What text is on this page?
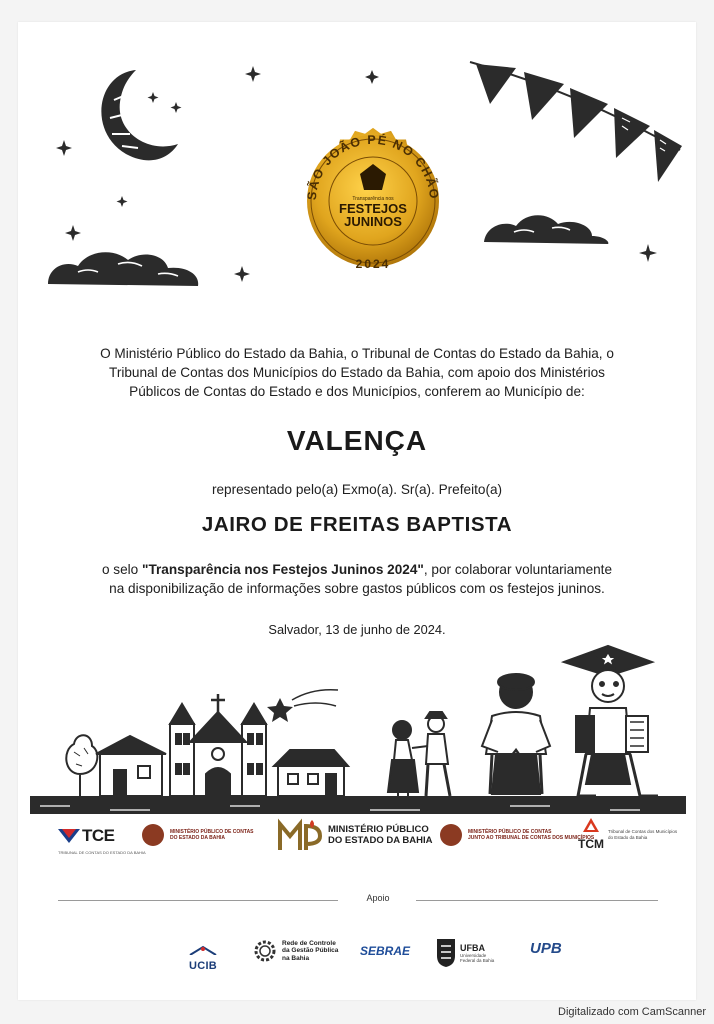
SÃO JOÃO PÉ NO CHÃO
2024
Transparência nos
FESTEJOS
JUNINOS
O Ministério Público do Estado da Bahia, o Tribunal de Contas do Estado da Bahia, o
Tribunal de Contas dos Municípios do Estado da Bahia, com apoio dos Ministérios
Públicos de Contas do Estado e dos Municípios, conferem ao Município de:
VALENÇA
representado pelo(a) Exmo(a). Sr(a). Prefeito(a)
JAIRO DE FREITAS BAPTISTA
o selo "Transparência nos Festejos Juninos 2024", por colaborar voluntariamente
na disponibilização de informações sobre gastos públicos com os festejos juninos.
Salvador, 13 de junho de 2024.
TCE
TRIBUNAL DE CONTAS DO ESTADO DA BAHIA
MINISTÉRIO PÚBLICO DE CONTAS
DO ESTADO DA BAHIA
MINISTÉRIO PÚBLICO
DO ESTADO DA BAHIA
MINISTÉRIO PÚBLICO DE CONTAS
JUNTO AO TRIBUNAL DE CONTAS DOS MUNICÍPIOS
TCM
Tribunal de Contas dos Municípios
do Estado da Bahia
Apoio
UCIB
Rede de Controle
da Gestão Pública
na Bahia
SEBRAE	UFBA
Universidade
Federal da Bahia
UPB
Digitalizado com CamScanner
